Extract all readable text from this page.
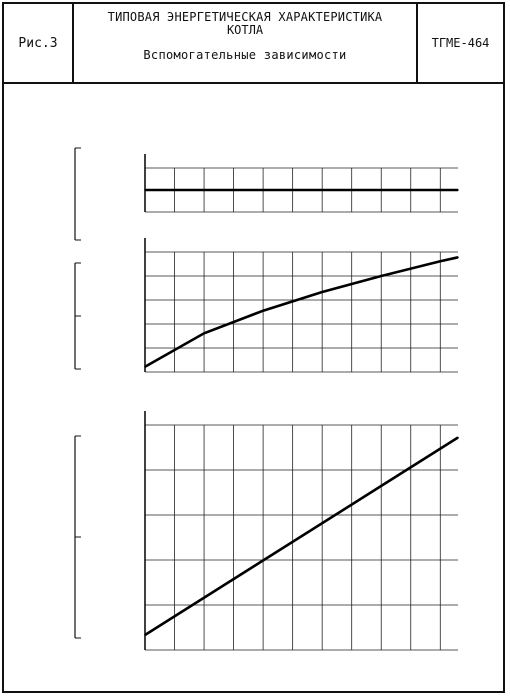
Рис.3
ТИПОВАЯ ЭНЕРГЕТИЧЕСКАЯ ХАРАКТЕРИСТИКА
КОТЛА
Вспомогательные зависимости
ТГМЕ-464
